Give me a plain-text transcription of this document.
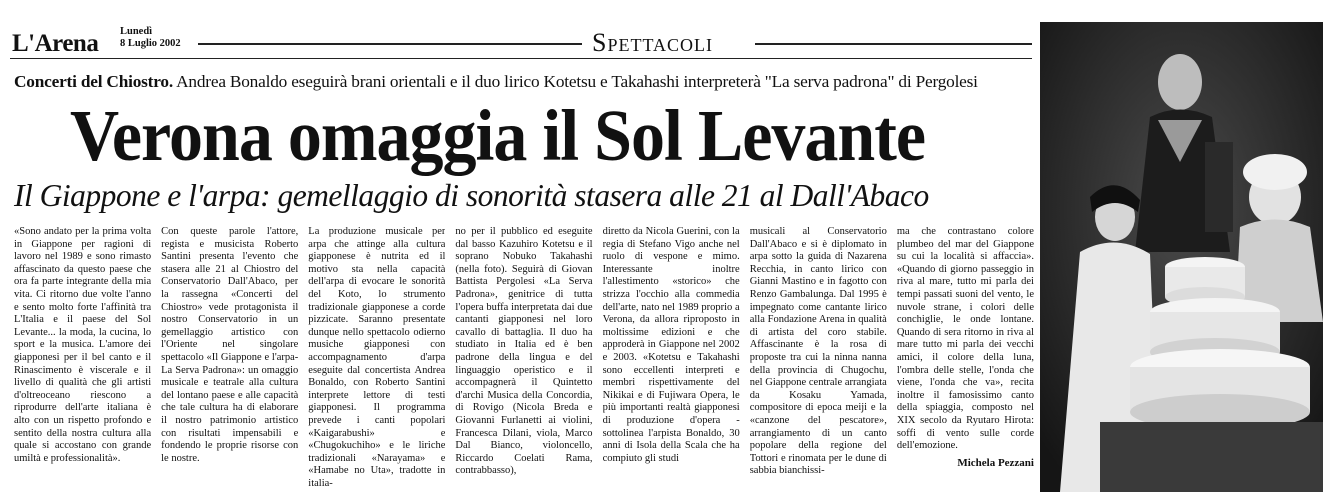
L'Arena Lunedì
8 Luglio 2002	Spettacoli
Concerti del Chiostro. Andrea Bonaldo eseguirà brani orientali e il duo lirico Kotetsu e Takahashi interpreterà "La serva padrona" di Pergolesi
Verona omaggia il Sol Levante
Il Giappone e l'arpa: gemellaggio di sonorità stasera alle 21 al Dall'Abaco
«Sono andato per la prima volta in Giappone per ragioni di lavoro nel 1989 e sono rimasto affascinato da questo paese che ora fa parte integrante della mia vita. Ci ritorno due volte l'anno e sento molto forte l'affinità tra L'Italia e il paese del Sol Levante... la moda, la cucina, lo sport e la musica. L'amore dei giapponesi per il bel canto e il Rinascimento è viscerale e il livello di qualità che gli artisti d'oltreoceano riescono a riprodurre dell'arte italiana è alto con un rispetto profondo e sentito della nostra cultura alla quale si accostano con grande umiltà e professionalità».
Con queste parole l'attore, regista e musicista Roberto Santini presenta l'evento che stasera alle 21 al Chiostro del Conservatorio Dall'Abaco, per la rassegna «Concerti del Chiostro» vede protagonista il nostro Conservatorio in un gemellaggio artistico con l'Oriente nel singolare spettacolo «Il Giappone e l'arpa-La Serva Padrona»: un omaggio musicale e teatrale alla cultura del lontano paese e alle capacità che tale cultura ha di elaborare il nostro patrimonio artistico con risultati impensabili e fondendo le proprie risorse con le nostre.
La produzione musicale per arpa che attinge alla cultura giapponese è nutrita ed il motivo sta nella capacità dell'arpa di evocare le sonorità del Koto, lo strumento tradizionale giapponese a corde pizzicate. Saranno presentate dunque nello spettacolo odierno musiche giapponesi con accompagnamento d'arpa eseguite dal concertista Andrea Bonaldo, con Roberto Santini interprete lettore di testi giapponesi. Il programma prevede i canti popolari «Kaigarabushi» e «Chugokuchiho» e le liriche tradizionali «Narayama» e «Hamabe no Uta», tradotte in italia-
no per il pubblico ed eseguite dal basso Kazuhiro Kotetsu e il soprano Nobuko Takahashi (nella foto). Seguirà di Giovan Battista Pergolesi «La Serva Padrona», genitrice di tutta l'opera buffa interpretata dai due cantanti giapponesi nel loro cavallo di battaglia. Il duo ha studiato in Italia ed è ben padrone della lingua e del linguaggio operistico e il accompagnerà il Quintetto d'archi Musica della Concordia, di Rovigo (Nicola Breda e Giovanni Furlanetti ai violini, Francesca Dilani, viola, Marco Dal Bianco, violoncello, Riccardo Coelati Rama, contrabbasso),
diretto da Nicola Guerini, con la regia di Stefano Vigo anche nel ruolo di vespone e mimo. Interessante inoltre l'allestimento «storico» che strizza l'occhio alla commedia dell'arte, nato nel 1989 proprio a Verona, da allora riproposto in moltissime edizioni e che approderà in Giappone nel 2002 e 2003. «Kotetsu e Takahashi sono eccellenti interpreti e membri rispettivamente del Nikikai e di Fujiwara Opera, le più importanti realtà giapponesi di produzione d'opera - sottolinea l'arpista Bonaldo, 30 anni di Isola della Scala che ha compiuto gli studi
musicali al Conservatorio Dall'Abaco e si è diplomato in arpa sotto la guida di Nazarena Recchia, in canto lirico con Gianni Mastino e in fagotto con Renzo Gambalunga. Dal 1995 è impegnato come cantante lirico alla Fondazione Arena in qualità di artista del coro stabile. Affascinante è la rosa di proposte tra cui la ninna nanna della provincia di Chugochu, nel Giappone centrale arrangiata da Kosaku Yamada, compositore di epoca meiji e la «canzone del pescatore», arrangiamento di un canto popolare della regione del Tottori e rinomata per le dune di sabbia bianchissi-
ma che contrastano colore plumbeo del mar del Giappone su cui la località si affaccia». «Quando di giorno passeggio in riva al mare, tutto mi parla dei tempi passati suoni del vento, le nuvole strane, i colori delle conchiglie, le onde lontane. Quando di sera ritorno in riva al mare tutto mi parla dei vecchi amici, il colore della luna, l'ombra delle stelle, l'onda che viene, l'onda che va», recita inoltre il famosissimo canto della spiaggia, composto nel XIX secolo da Ryutaro Hirota: soffi di vento sulle corde dell'emozione.
Michela Pezzani
